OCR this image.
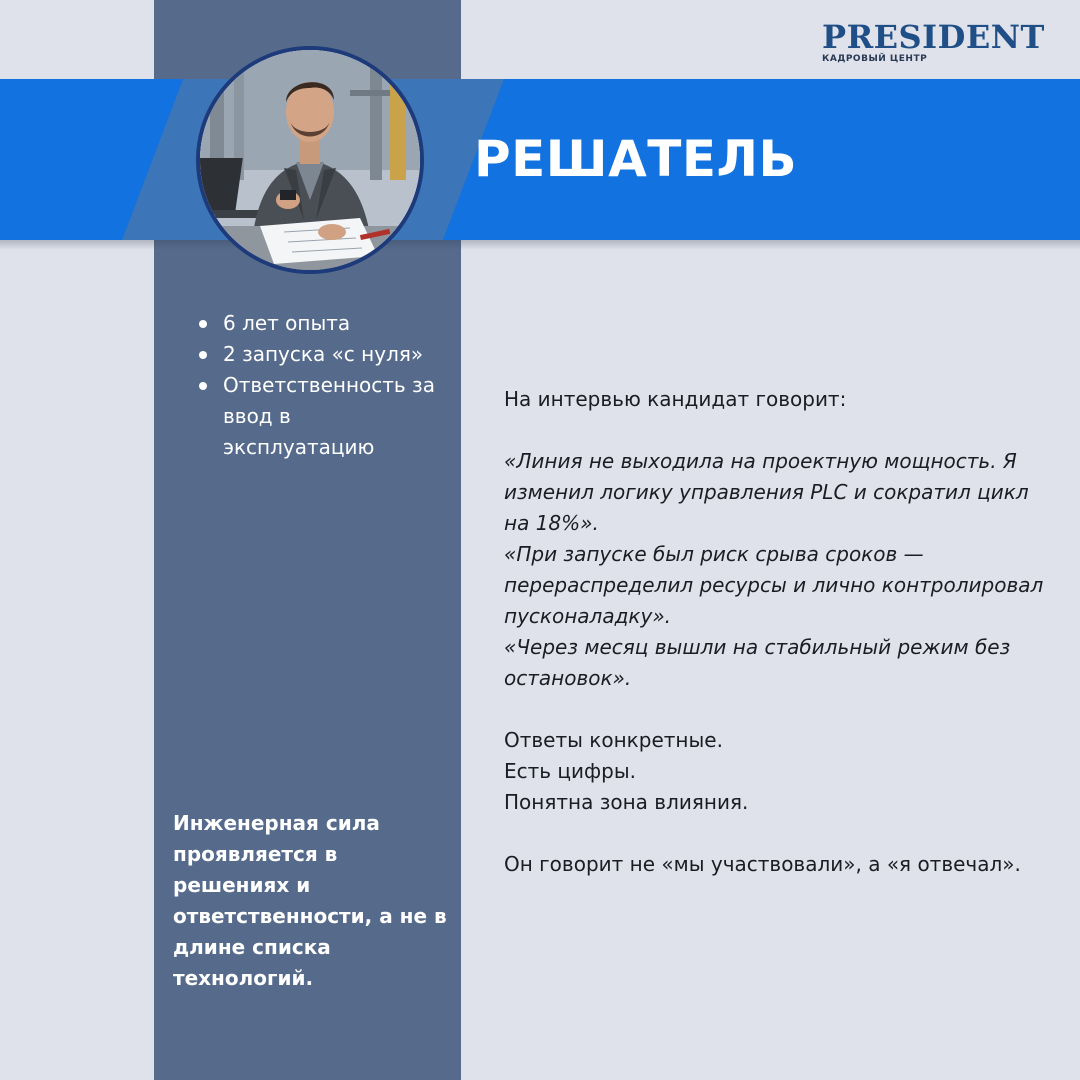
РЕШАТЕЛЬ
PRESIDENT
КАДРОВЫЙ ЦЕНТР
6 лет опыта
2 запуска «с нуля»
Ответственность за ввод в эксплуатацию

Инженерная сила проявляется в решениях и ответственности, а не в длине списка технологий.

На интервью кандидат говорит:

«Линия не выходила на проектную мощность. Я изменил логику управления PLC и сократил цикл на 18%».

«При запуске был риск срыва сроков — перераспределил ресурсы и лично контролировал пусконаладку».

«Через месяц вышли на стабильный режим без остановок».

Ответы конкретные.

Есть цифры.

Понятна зона влияния.

Он говорит не «мы участвовали», а «я отвечал».
